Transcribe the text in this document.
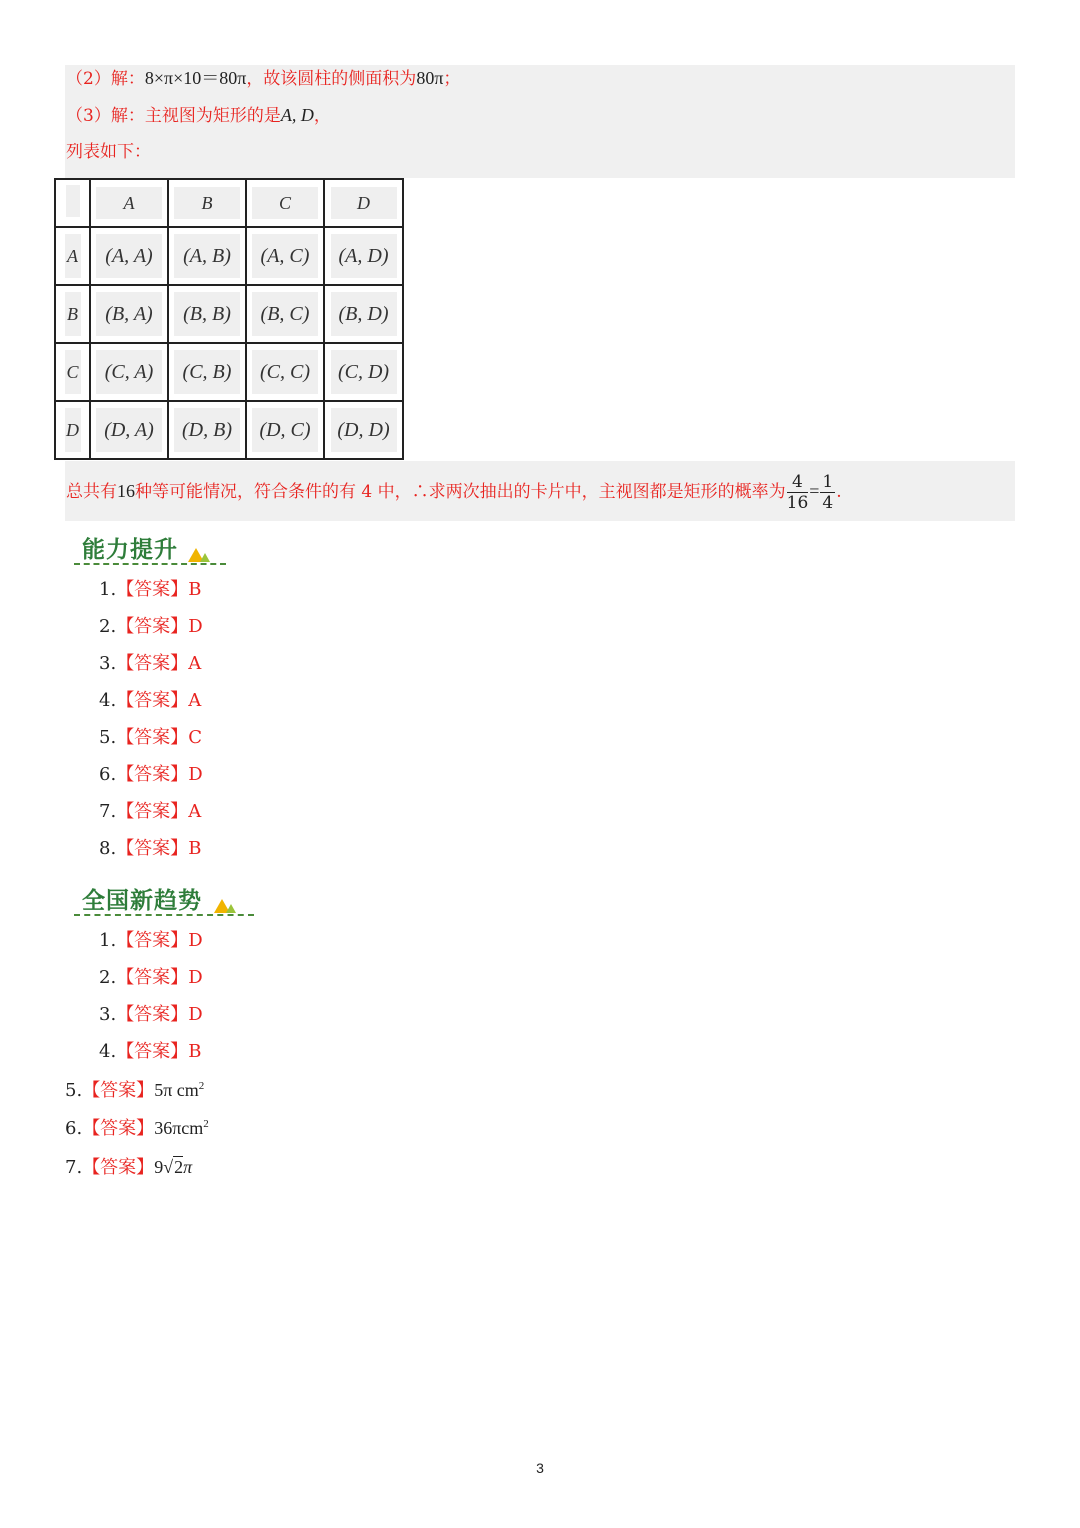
（2）解：8×π×10＝80π，故该圆柱的侧面积为80π；
（3）解：主视图为矩形的是A, D，
列表如下：
	A	B	C	D
A	(A, A)	(A, B)	(A, C)	(A, D)
B	(B, A)	(B, B)	(B, C)	(B, D)
C	(C, A)	(C, B)	(C, C)	(C, D)
D	(D, A)	(D, B)	(D, C)	(D, D)
总共有16种等可能情况，符合条件的有 4 中，∴求两次抽出的卡片中，主视图都是矩形的概率为 $\frac{4}{16} = \frac{1}{4}$ .
能力提升
1.【答案】B
2.【答案】D
3.【答案】A
4.【答案】A
5.【答案】C
6.【答案】D
7.【答案】A
8.【答案】B
全国新趋势
1.【答案】D
2.【答案】D
3.【答案】D
4.【答案】B
5.【答案】5π $cm^2$
6.【答案】36πcm$^2$
7.【答案】9√2π
3
